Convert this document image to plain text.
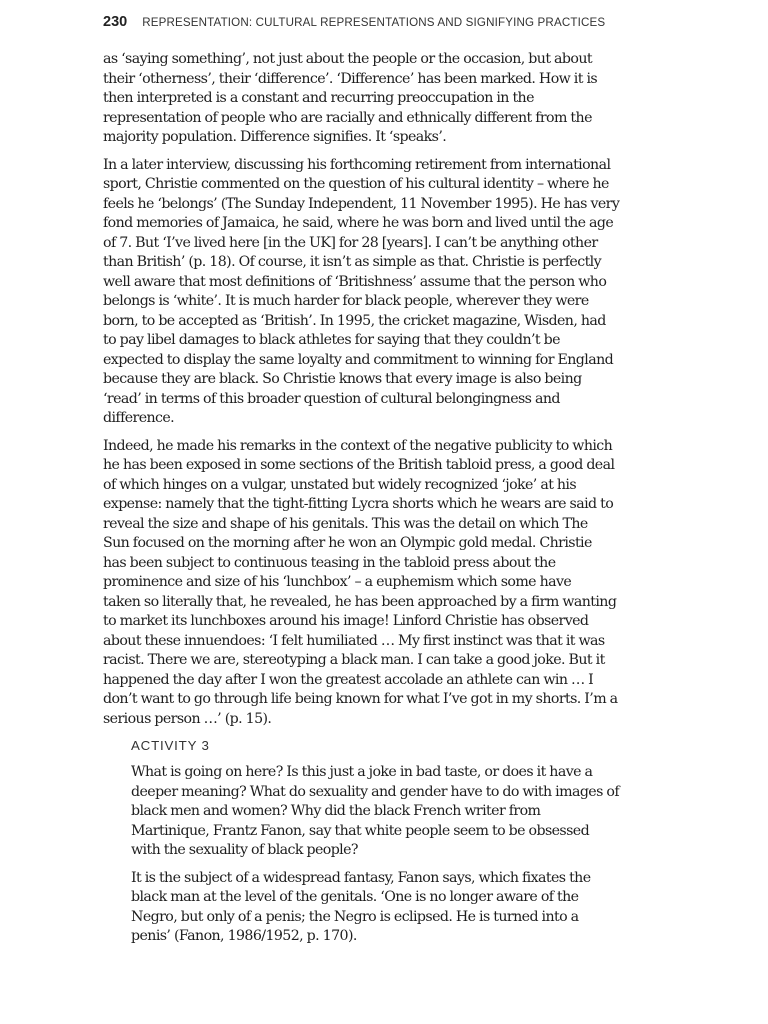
230 REPRESENTATION: CULTURAL REPRESENTATIONS AND SIGNIFYING PRACTICES
as ‘saying something’, not just about the people or the occasion, but about
their ‘otherness’, their ‘difference’. ‘Difference’ has been marked. How it is
then interpreted is a constant and recurring preoccupation in the
representation of people who are racially and ethnically different from the
majority population. Difference signifies. It ‘speaks’.
In a later interview, discussing his forthcoming retirement from international
sport, Christie commented on the question of his cultural identity – where he
feels he ‘belongs’ (The Sunday Independent, 11 November 1995). He has very
fond memories of Jamaica, he said, where he was born and lived until the age
of 7. But ‘I’ve lived here [in the UK] for 28 [years]. I can’t be anything other
than British’ (p. 18). Of course, it isn’t as simple as that. Christie is perfectly
well aware that most definitions of ‘Britishness’ assume that the person who
belongs is ‘white’. It is much harder for black people, wherever they were
born, to be accepted as ‘British’. In 1995, the cricket magazine, Wisden, had
to pay libel damages to black athletes for saying that they couldn’t be
expected to display the same loyalty and commitment to winning for England
because they are black. So Christie knows that every image is also being
‘read’ in terms of this broader question of cultural belongingness and
difference.
Indeed, he made his remarks in the context of the negative publicity to which
he has been exposed in some sections of the British tabloid press, a good deal
of which hinges on a vulgar, unstated but widely recognized ‘joke’ at his
expense: namely that the tight-fitting Lycra shorts which he wears are said to
reveal the size and shape of his genitals. This was the detail on which The
Sun focused on the morning after he won an Olympic gold medal. Christie
has been subject to continuous teasing in the tabloid press about the
prominence and size of his ‘lunchbox’ – a euphemism which some have
taken so literally that, he revealed, he has been approached by a firm wanting
to market its lunchboxes around his image! Linford Christie has observed
about these innuendoes: ‘I felt humiliated … My first instinct was that it was
racist. There we are, stereotyping a black man. I can take a good joke. But it
happened the day after I won the greatest accolade an athlete can win … I
don’t want to go through life being known for what I’ve got in my shorts. I’m a
serious person …’ (p. 15).
ACTIVITY 3
What is going on here? Is this just a joke in bad taste, or does it have a
deeper meaning? What do sexuality and gender have to do with images of
black men and women? Why did the black French writer from
Martinique, Frantz Fanon, say that white people seem to be obsessed
with the sexuality of black people?
It is the subject of a widespread fantasy, Fanon says, which fixates the
black man at the level of the genitals. ‘One is no longer aware of the
Negro, but only of a penis; the Negro is eclipsed. He is turned into a
penis’ (Fanon, 1986/1952, p. 170).
